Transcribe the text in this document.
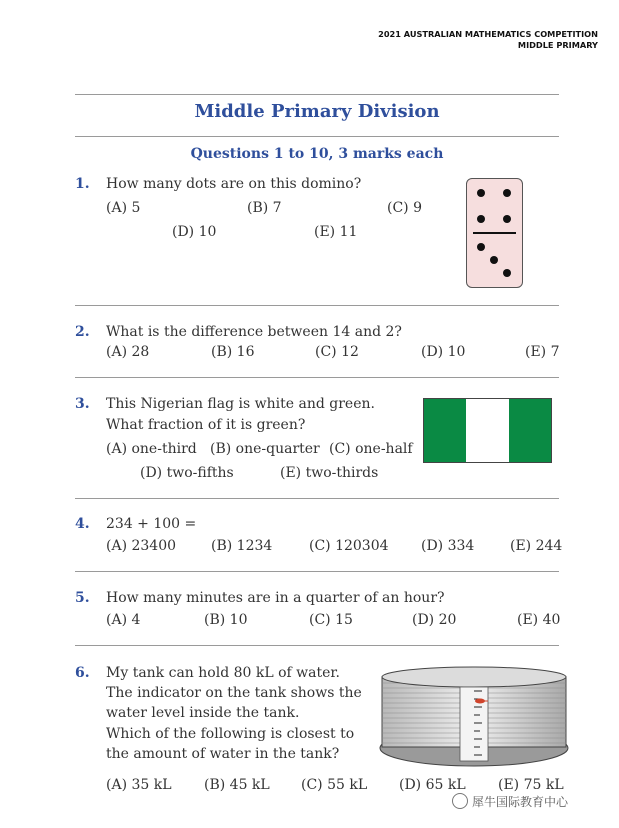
2021 AUSTRALIAN MATHEMATICS COMPETITION
MIDDLE PRIMARY
Middle Primary Division
Questions 1 to 10, 3 marks each
1. How many dots are on this domino?
(A) 5	(B) 7	(C) 9
(D) 10	(E) 11
2. What is the difference between 14 and 2?
(A) 28	(B) 16	(C) 12	(D) 10	(E) 7
3. This Nigerian flag is white and green.
What fraction of it is green?
(A) one-third (B) one-quarter (C) one-half
(D) two-fifths	(E) two-thirds
4. 234 + 100 =
(A) 23400 (B) 1234	(C) 120304 (D) 334	(E) 244
5. How many minutes are in a quarter of an hour?
(A) 4	(B) 10	(C) 15	(D) 20	(E) 40
6. My tank can hold 80 kL of water.
The indicator on the tank shows the
water level inside the tank.
Which of the following is closest to
the amount of water in the tank?
(A) 35 kL (B) 45 kL (C) 55 kL (D) 65 kL (E) 75 kL
犀牛国际教育中心
